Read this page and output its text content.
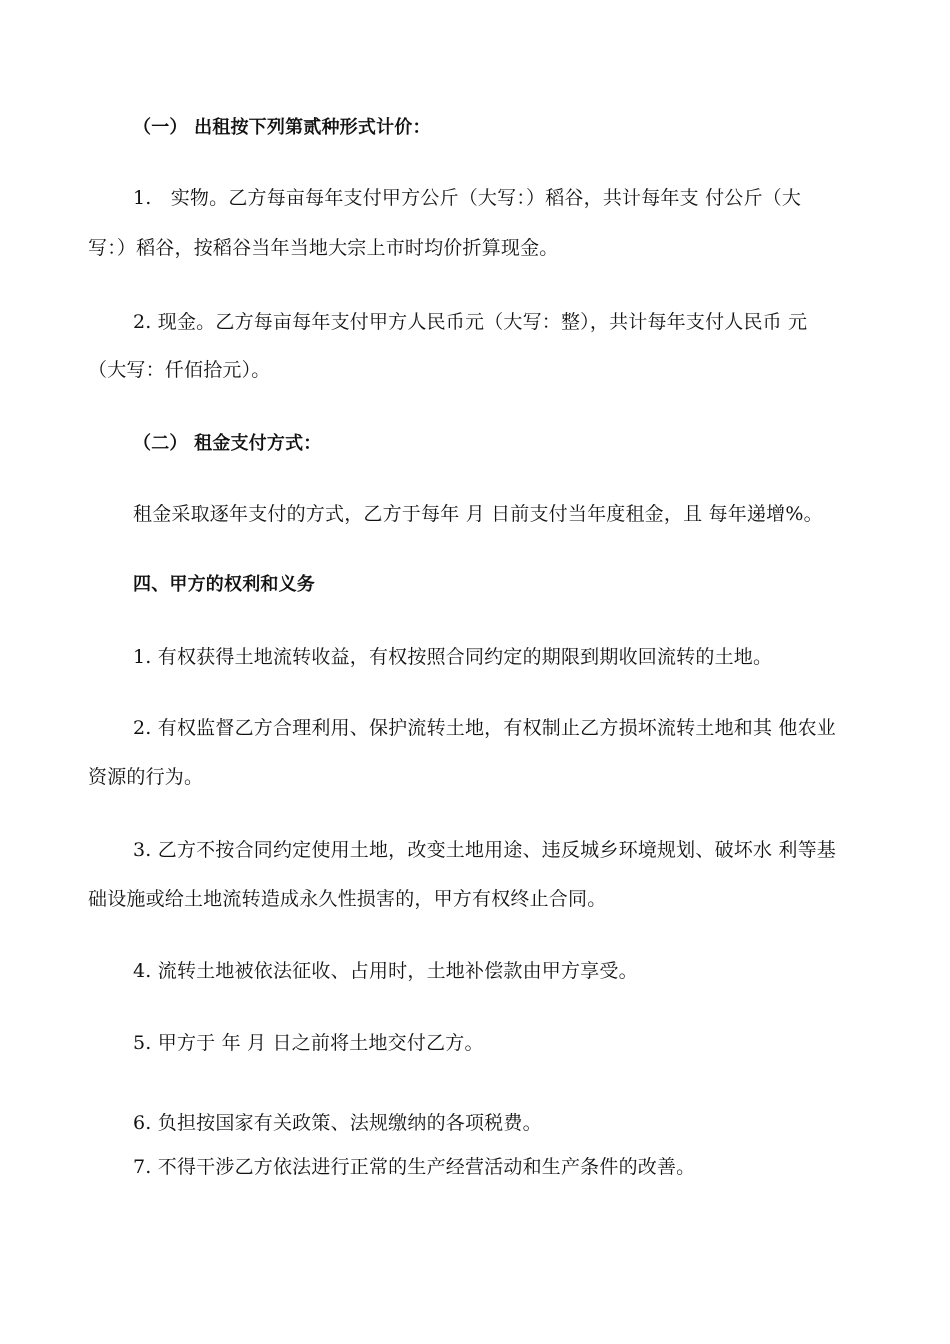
（一） 出租按下列第贰种形式计价：
1.　实物。乙方每亩每年支付甲方公斤（大写：）稻谷，共计每年支 付公斤（大
写：）稻谷，按稻谷当年当地大宗上市时均价折算现金。
2. 现金。乙方每亩每年支付甲方人民币元（大写：整），共计每年支付人民币 元
（大写：仟佰拾元）。
（二） 租金支付方式：
租金采取逐年支付的方式，乙方于每年 月 日前支付当年度租金，且 每年递增%。
四、甲方的权利和义务
1. 有权获得土地流转收益，有权按照合同约定的期限到期收回流转的土地。
2. 有权监督乙方合理利用、保护流转土地，有权制止乙方损坏流转土地和其 他农业
资源的行为。
3. 乙方不按合同约定使用土地，改变土地用途、违反城乡环境规划、破坏水 利等基
础设施或给土地流转造成永久性损害的，甲方有权终止合同。
4. 流转土地被依法征收、占用时，土地补偿款由甲方享受。
5. 甲方于 年 月 日之前将土地交付乙方。
6. 负担按国家有关政策、法规缴纳的各项税费。
7. 不得干涉乙方依法进行正常的生产经营活动和生产条件的改善。
